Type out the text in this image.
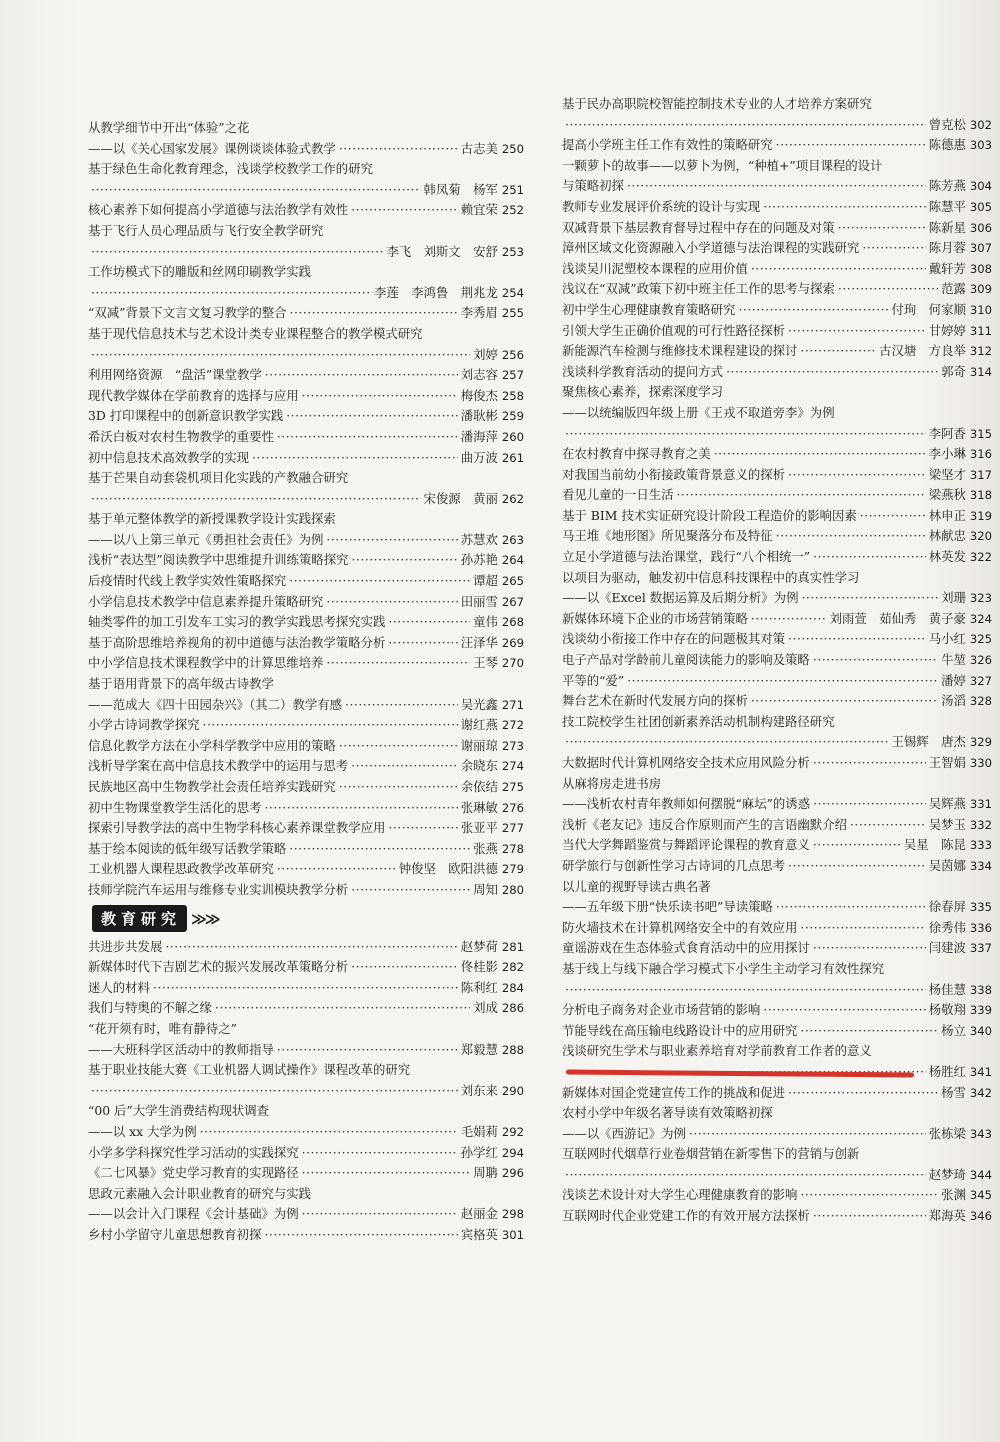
从教学细节中开出“体验”之花
——以《关心国家发展》课例谈谈体验式教学 ·····	古志美 250
基于绿色生命化教育理念，浅谈学校教学工作的研究
·····
韩凤菊　杨军 251
核心素养下如何提高小学道德与法治教学有效性 ·····	赖宜荣 252
基于飞行人员心理品质与飞行安全教学研究
·····
李飞　刘斯文　安舒 253
工作坊模式下的雕版和丝网印刷教学实践
·····
李莲　李鸿鲁　荆兆龙 254
“双减”背景下文言文复习教学的整合 ·····	李秀眉 255
基于现代信息技术与艺术设计类专业课程整合的教学模式研究
·····
刘婷 256
利用网络资源　“盘活”课堂教学 ·····	刘志容 257
现代教学媒体在学前教育的选择与应用 ·····	梅俊杰 258
3D 打印课程中的创新意识教学实践 ·····	潘耿彬 259
希沃白板对农村生物教学的重要性 ·····	潘海萍 260
初中信息技术高效教学的实现 ·····	曲万波 261
基于芒果自动套袋机项目化实践的产教融合研究
·····
宋俊源　黄丽 262
基于单元整体教学的新授课教学设计实践探索
——以八上第三单元《勇担社会责任》为例 ·····	苏慧欢 263
浅析“表达型”阅读教学中思维提升训练策略探究 ·····	孙苏艳 264
后疫情时代线上教学实效性策略探究 ·····	谭超 265
小学信息技术教学中信息素养提升策略研究 ·····	田丽雪 267
轴类零件的加工引发车工实习的教学实践思考探究实践 ·····	童伟 268
基于高阶思维培养视角的初中道德与法治教学策略分析 ·····	汪泽华 269
中小学信息技术课程教学中的计算思维培养 ·····	王琴 270
基于语用背景下的高年级古诗教学
——范成大《四十田园杂兴》（其二）教学有感 ·····	吴光鑫 271
小学古诗词教学探究 ·····	谢红燕 272
信息化教学方法在小学科学教学中应用的策略 ·····	谢丽琼 273
浅析导学案在高中信息技术教学中的运用与思考 ·····	余晓东 274
民族地区高中生物教学社会责任培养实践研究 ·····	余依结 275
初中生物课堂教学生活化的思考 ·····	张琳敏 276
探索引导教学法的高中生物学科核心素养课堂教学应用 ·····	张亚平 277
基于绘本阅读的低年级写话教学策略 ·····	张燕 278
工业机器人课程思政教学改革研究 ·····	钟俊坚　欧阳洪德 279
技师学院汽车运用与维修专业实训模块教学分析 ·····	周知 280
教育研究 ≫≫
共进步共发展 ·····	赵梦荷 281
新媒体时代下吉剧艺术的振兴发展改革策略分析 ·····	佟桂影 282
迷人的材料 ·····	陈利红 284
我们与特奥的不解之缘 ·····	刘成 286
“花开须有时，唯有静待之”
——大班科学区活动中的教师指导 ·····	郑毅慧 288
基于职业技能大赛《工业机器人调试操作》课程改革的研究
·····
刘东来 290
“00 后”大学生消费结构现状调查
——以 xx 大学为例 ·····	毛娟莉 292
小学多学科探究性学习活动的实践探究 ·····	孙学红 294
《二七风暴》党史学习教育的实现路径 ·····	周聃 296
思政元素融入会计职业教育的研究与实践
——以会计入门课程《会计基础》为例 ·····	赵丽金 298
乡村小学留守儿童思想教育初探 ·····	宾格英 301
基于民办高职院校智能控制技术专业的人才培养方案研究
·····
曾克松 302
提高小学班主任工作有效性的策略研究 ·····	陈德惠 303
一颗萝卜的故事——以萝卜为例，“种植+”项目课程的设计
与策略初探 ·····	陈芳燕 304
教师专业发展评价系统的设计与实现 ·····	陈慧平 305
双减背景下基层教育督导过程中存在的问题及对策 ·····	陈新星 306
漳州区域文化资源融入小学道德与法治课程的实践研究 ·····	陈月蓉 307
浅谈吴川泥塑校本课程的应用价值 ·····	戴轩芳 308
浅议在“双减”政策下初中班主任工作的思考与探索 ·····	范露 309
初中学生心理健康教育策略研究 ·····	付珣　何家顺 310
引领大学生正确价值观的可行性路径探析 ·····	甘婷婷 311
新能源汽车检测与维修技术课程建设的探讨 ·····	古汉塘　方良举 312
浅谈科学教育活动的提问方式 ·····	郭奇 314
聚焦核心素养，探索深度学习
——以统编版四年级上册《王戎不取道旁李》为例
·····
李阿香 315
在农村教育中探寻教育之美 ·····	李小琳 316
对我国当前幼小衔接政策背景意义的探析 ·····	梁坚才 317
看见儿童的一日生活 ·····	梁燕秋 318
基于 BIM 技术实证研究设计阶段工程造价的影响因素 ·····	林申正 319
马王堆《地形图》所见聚落分布及特征 ·····	林献忠 320
立足小学道德与法治课堂，践行“八个相统一” ·····	林英发 322
以项目为驱动，触发初中信息科技课程中的真实性学习
——以《Excel 数据运算及后期分析》为例 ·····	刘珊 323
新媒体环境下企业的市场营销策略 ·····	刘雨萱　茹仙秀　黄子豪 324
浅谈幼小衔接工作中存在的问题极其对策 ·····	马小红 325
电子产品对学龄前儿童阅读能力的影响及策略 ·····	牛堃 326
平等的“爱” ·····	潘婷 327
舞台艺术在新时代发展方向的探析 ·····	汤滔 328
技工院校学生社团创新素养活动机制构建路径研究
·····
王锡辉　唐杰 329
大数据时代计算机网络安全技术应用风险分析 ·····	王智娟 330
从麻将房走进书房
——浅析农村青年教师如何摆脱“麻坛”的诱惑 ·····	吴辉燕 331
浅析《老友记》违反合作原则而产生的言语幽默介绍 ·····	吴梦玉 332
当代大学舞蹈鉴赏与舞蹈评论课程的教育意义 ·····	吴星　陈昆 333
研学旅行与创新性学习古诗词的几点思考 ·····	吴茵娜 334
以儿童的视野导读古典名著
——五年级下册“快乐读书吧”导读策略 ·····	徐春屏 335
防火墙技术在计算机网络安全中的有效应用 ·····	徐秀伟 336
童谣游戏在生态体验式食育活动中的应用探讨 ·····	闫建波 337
基于线上与线下融合学习模式下小学生主动学习有效性探究
·····
杨佳慧 338
分析电子商务对企业市场营销的影响 ·····	杨敬翔 339
节能导线在高压输电线路设计中的应用研究 ·····	杨立 340
浅谈研究生学术与职业素养培育对学前教育工作者的意义
·····
杨胜红 341
新媒体对国企党建宣传工作的挑战和促进 ·····	杨雪 342
农村小学中年级名著导读有效策略初探
——以《西游记》为例 ·····	张栋梁 343
互联网时代烟草行业卷烟营销在新零售下的营销与创新
·····
赵梦琦 344
浅谈艺术设计对大学生心理健康教育的影响 ·····	张渊 345
互联网时代企业党建工作的有效开展方法探析 ·····	郑海英 346
